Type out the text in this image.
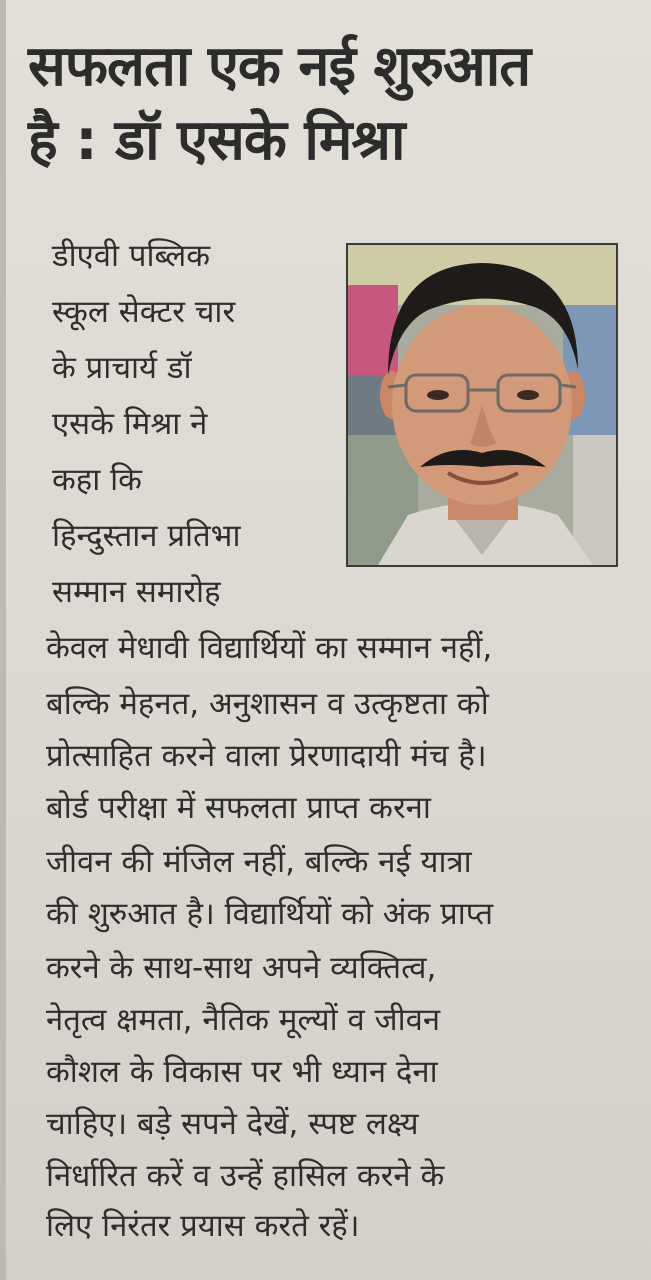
सफलता एक नई शुरुआत
है : डॉ एसके मिश्रा
डीएवी पब्लिक
स्कूल सेक्टर चार
के प्राचार्य डॉ
एसके मिश्रा ने
कहा कि
हिन्दुस्तान प्रतिभा
सम्मान समारोह
केवल मेधावी विद्यार्थियों का सम्मान नहीं,
बल्कि मेहनत, अनुशासन व उत्कृष्टता को
प्रोत्साहित करने वाला प्रेरणादायी मंच है।
बोर्ड परीक्षा में सफलता प्राप्त करना
जीवन की मंजिल नहीं, बल्कि नई यात्रा
की शुरुआत है। विद्यार्थियों को अंक प्राप्त
करने के साथ-साथ अपने व्यक्तित्व,
नेतृत्व क्षमता, नैतिक मूल्यों व जीवन
कौशल के विकास पर भी ध्यान देना
चाहिए। बड़े सपने देखें, स्पष्ट लक्ष्य
निर्धारित करें व उन्हें हासिल करने के
लिए निरंतर प्रयास करते रहें।
